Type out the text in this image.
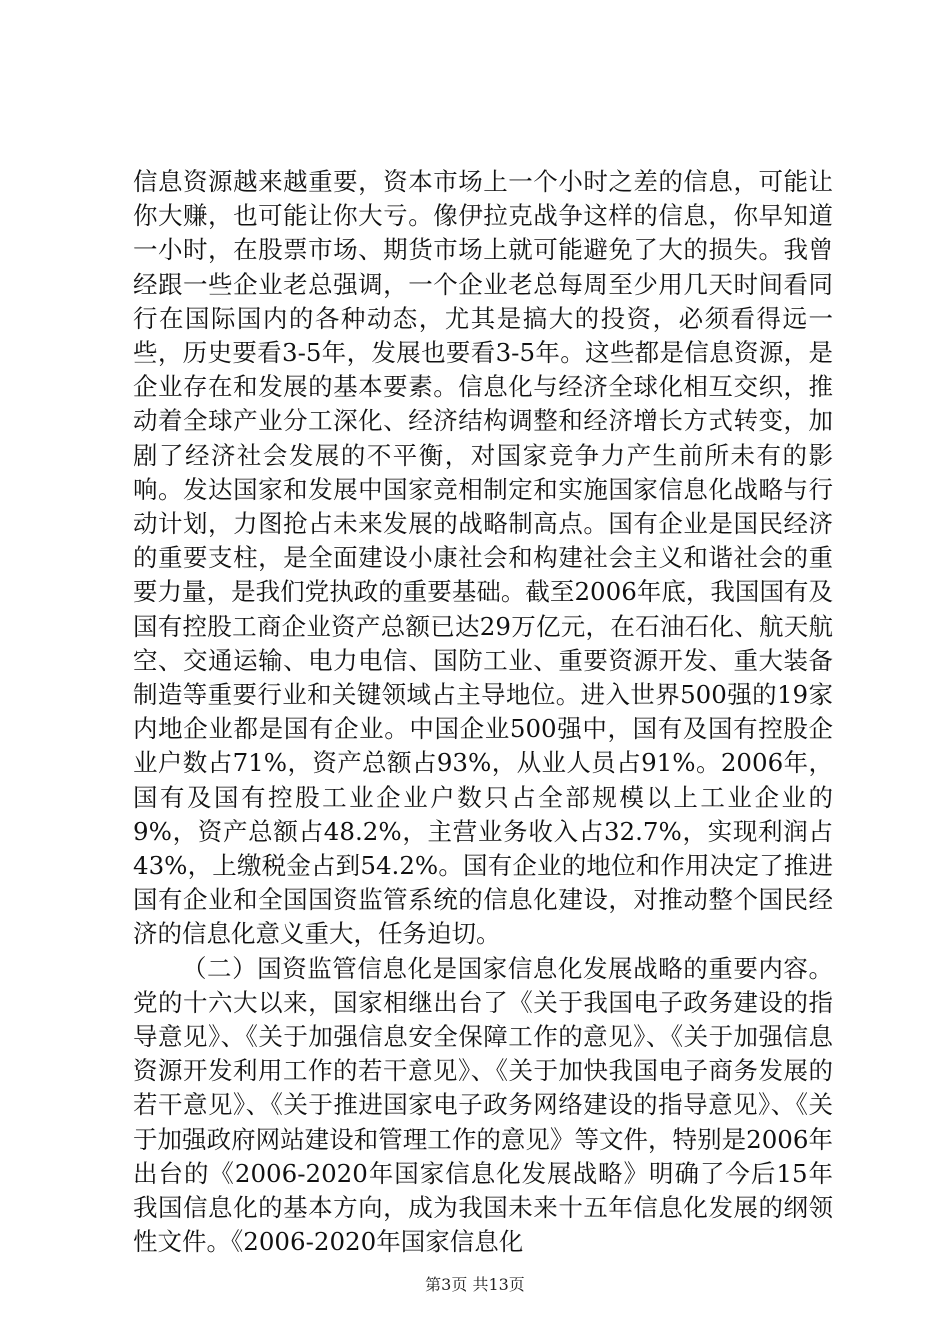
信息资源越来越重要，资本市场上一个小时之差的信息，可能让你大赚，也可能让你大亏。像伊拉克战争这样的信息，你早知道一小时，在股票市场、期货市场上就可能避免了大的损失。我曾经跟一些企业老总强调，一个企业老总每周至少用几天时间看同行在国际国内的各种动态，尤其是搞大的投资，必须看得远一些，历史要看3-5年，发展也要看3-5年。这些都是信息资源，是企业存在和发展的基本要素。信息化与经济全球化相互交织，推动着全球产业分工深化、经济结构调整和经济增长方式转变，加剧了经济社会发展的不平衡，对国家竞争力产生前所未有的影响。发达国家和发展中国家竞相制定和实施国家信息化战略与行动计划，力图抢占未来发展的战略制高点。国有企业是国民经济的重要支柱，是全面建设小康社会和构建社会主义和谐社会的重要力量，是我们党执政的重要基础。截至2006年底，我国国有及国有控股工商企业资产总额已达29万亿元，在石油石化、航天航空、交通运输、电力电信、国防工业、重要资源开发、重大装备制造等重要行业和关键领域占主导地位。进入世界500强的19家内地企业都是国有企业。中国企业500强中，国有及国有控股企业户数占71%，资产总额占93%，从业人员占91%。2006年，国有及国有控股工业企业户数只占全部规模以上工业企业的9%，资产总额占48.2%，主营业务收入占32.7%，实现利润占43%，上缴税金占到54.2%。国有企业的地位和作用决定了推进国有企业和全国国资监管系统的信息化建设，对推动整个国民经济的信息化意义重大，任务迫切。

（二）国资监管信息化是国家信息化发展战略的重要内容。党的十六大以来，国家相继出台了《关于我国电子政务建设的指导意见》、《关于加强信息安全保障工作的意见》、《关于加强信息资源开发利用工作的若干意见》、《关于加快我国电子商务发展的若干意见》、《关于推进国家电子政务网络建设的指导意见》、《关于加强政府网站建设和管理工作的意见》等文件，特别是2006年出台的《2006-2020年国家信息化发展战略》明确了今后15年我国信息化的基本方向，成为我国未来十五年信息化发展的纲领性文件。《2006-2020年国家信息化

第3页 共13页
